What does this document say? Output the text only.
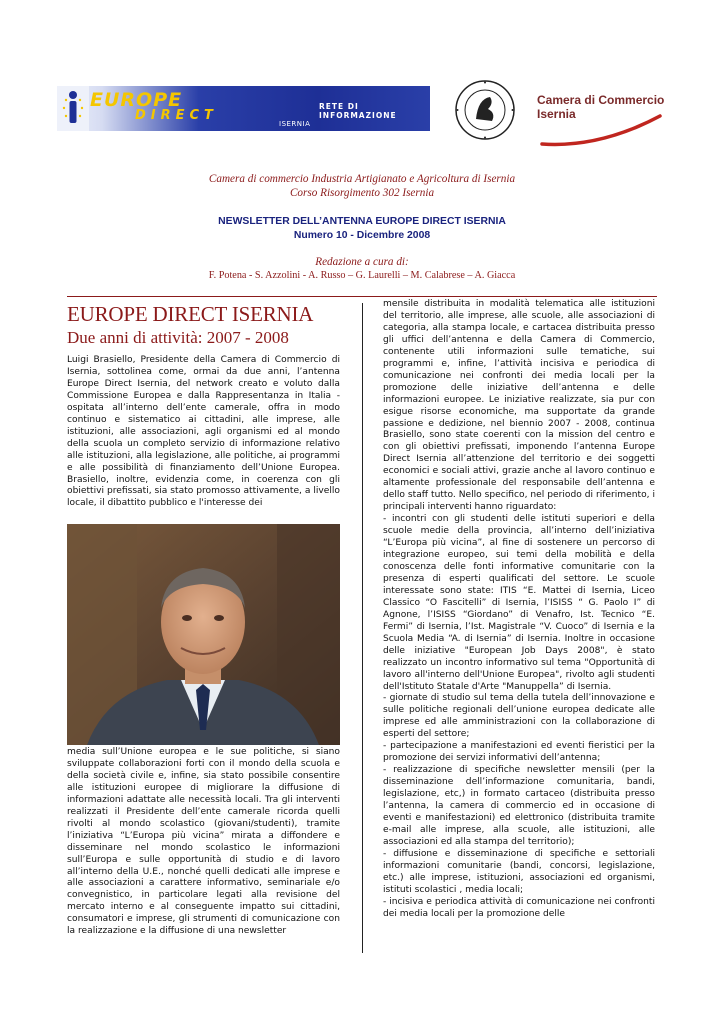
EUROPE
DIRECT
RETE DI INFORMAZIONE
ISERNIA
Camera di Commercio
Isernia
Camera di commercio Industria Artigianato e Agricoltura di Isernia
Corso Risorgimento 302 Isernia
NEWSLETTER DELL’ANTENNA EUROPE DIRECT ISERNIA
Numero 10 - Dicembre 2008
Redazione a cura di:
F. Potena - S. Azzolini - A. Russo – G. Laurelli – M. Calabrese – A. Giacca
EUROPE DIRECT ISERNIA
Due anni di attività: 2007 - 2008
Luigi Brasiello, Presidente della Camera di Commercio di Isernia, sottolinea come, ormai da due anni, l’antenna Europe Direct Isernia, del network creato e voluto dalla Commissione Europea e dalla Rappresentanza in Italia - ospitata all’interno dell’ente camerale, offra in modo continuo e sistematico ai cittadini, alle imprese, alle istituzioni, alle associazioni, agli organismi ed al mondo della scuola un completo servizio di informazione relativo alle istituzioni, alla legislazione, alle politiche, ai programmi e alle possibilità di finanziamento dell’Unione Europea. Brasiello, inoltre, evidenzia come, in coerenza con gli obiettivi prefissati, sia stato promosso attivamente, a livello locale, il dibattito pubblico e l'interesse dei
media sull’Unione europea e le sue politiche, si siano sviluppate collaborazioni forti con il mondo della scuola e della società civile e, infine, sia stato possibile consentire alle istituzioni europee di migliorare la diffusione di informazioni adattate alle necessità locali. Tra gli interventi realizzati il Presidente dell’ente camerale ricorda quelli rivolti al mondo scolastico (giovani/studenti), tramite l’iniziativa “L’Europa più vicina” mirata a diffondere e disseminare nel mondo scolastico le informazioni sull’Europa e sulle opportunità di studio e di lavoro all’interno della U.E., nonché quelli dedicati alle imprese e alle associazioni a carattere informativo, seminariale e/o convegnistico, in particolare legati alla revisione del mercato interno e al conseguente impatto sui cittadini, consumatori e imprese, gli strumenti di comunicazione con la realizzazione e la diffusione di una newsletter
mensile distribuita in modalità telematica alle istituzioni del territorio, alle imprese, alle scuole, alle associazioni di categoria, alla stampa locale, e cartacea distribuita presso gli uffici dell’antenna e della Camera di Commercio, contenente utili informazioni sulle tematiche, sui programmi e, infine, l’attività incisiva e periodica di comunicazione nei confronti dei media locali per la promozione delle iniziative dell’antenna e delle informazioni europee. Le iniziative realizzate, sia pur con esigue risorse economiche, ma supportate da grande passione e dedizione, nel biennio 2007 - 2008, continua Brasiello, sono state coerenti con la mission del centro e con gli obiettivi prefissati, imponendo l’antenna Europe Direct Isernia all’attenzione del territorio e dei soggetti economici e sociali attivi, grazie anche al lavoro continuo e altamente professionale del responsabile dell’antenna e dello staff tutto. Nello specifico, nel periodo di riferimento, i principali interventi hanno riguardato:
- incontri con gli studenti delle istituti superiori e della scuole medie della provincia, all’interno dell’iniziativa “L’Europa più vicina”, al fine di sostenere un percorso di integrazione europeo, sui temi della mobilità e della conoscenza delle fonti informative comunitarie con la presenza di esperti qualificati del settore. Le scuole interessate sono state: ITIS “E. Mattei di Isernia, Liceo Classico “O Fascitelli” di Isernia, l’ISISS “ G. Paolo I” di Agnone, l’ISISS “Giordano” di Venafro, Ist. Tecnico “E. Fermi” di Isernia, l’Ist. Magistrale “V. Cuoco” di Isernia e la Scuola Media “A. di Isernia” di Isernia. Inoltre in occasione delle iniziative "European Job Days 2008", è stato realizzato un incontro informativo sul tema "Opportunità di lavoro all'interno dell'Unione Europea", rivolto agli studenti dell'Istituto Statale d'Arte "Manuppella” di Isernia.
- giornate di studio sul tema della tutela dell’innovazione e sulle politiche regionali dell’unione europea dedicate alle imprese ed alle amministrazioni con la collaborazione di esperti del settore;
- partecipazione a manifestazioni ed eventi fieristici per la promozione dei servizi informativi dell’antenna;
- realizzazione di specifiche newsletter mensili (per la disseminazione dell’informazione comunitaria, bandi, legislazione, etc,) in formato cartaceo (distribuita presso l’antenna, la camera di commercio ed in occasione di eventi e manifestazioni) ed elettronico (distribuita tramite e-mail alle imprese, alla scuole, alle istituzioni, alle associazioni ed alla stampa del territorio);
- diffusione e disseminazione di specifiche e settoriali informazioni comunitarie (bandi, concorsi, legislazione, etc.) alle imprese, istituzioni, associazioni ed organismi, istituti scolastici , media locali;
- incisiva e periodica attività di comunicazione nei confronti dei media locali per la promozione delle
